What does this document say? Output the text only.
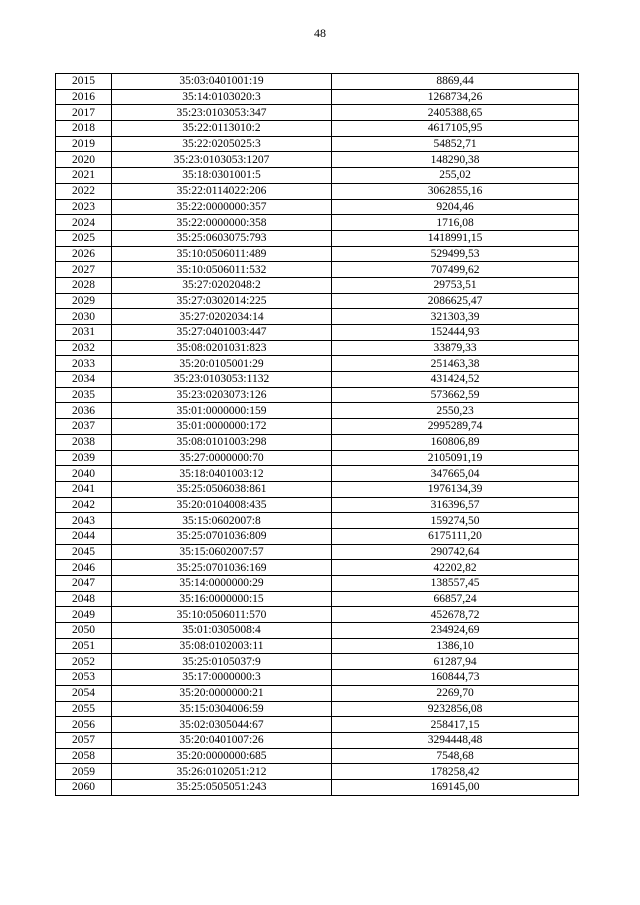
48
2015	35:03:0401001:19	8869,44
2016	35:14:0103020:3	1268734,26
2017	35:23:0103053:347	2405388,65
2018	35:22:0113010:2	4617105,95
2019	35:22:0205025:3	54852,71
2020	35:23:0103053:1207	148290,38
2021	35:18:0301001:5	255,02
2022	35:22:0114022:206	3062855,16
2023	35:22:0000000:357	9204,46
2024	35:22:0000000:358	1716,08
2025	35:25:0603075:793	1418991,15
2026	35:10:0506011:489	529499,53
2027	35:10:0506011:532	707499,62
2028	35:27:0202048:2	29753,51
2029	35:27:0302014:225	2086625,47
2030	35:27:0202034:14	321303,39
2031	35:27:0401003:447	152444,93
2032	35:08:0201031:823	33879,33
2033	35:20:0105001:29	251463,38
2034	35:23:0103053:1132	431424,52
2035	35:23:0203073:126	573662,59
2036	35:01:0000000:159	2550,23
2037	35:01:0000000:172	2995289,74
2038	35:08:0101003:298	160806,89
2039	35:27:0000000:70	2105091,19
2040	35:18:0401003:12	347665,04
2041	35:25:0506038:861	1976134,39
2042	35:20:0104008:435	316396,57
2043	35:15:0602007:8	159274,50
2044	35:25:0701036:809	6175111,20
2045	35:15:0602007:57	290742,64
2046	35:25:0701036:169	42202,82
2047	35:14:0000000:29	138557,45
2048	35:16:0000000:15	66857,24
2049	35:10:0506011:570	452678,72
2050	35:01:0305008:4	234924,69
2051	35:08:0102003:11	1386,10
2052	35:25:0105037:9	61287,94
2053	35:17:0000000:3	160844,73
2054	35:20:0000000:21	2269,70
2055	35:15:0304006:59	9232856,08
2056	35:02:0305044:67	258417,15
2057	35:20:0401007:26	3294448,48
2058	35:20:0000000:685	7548,68
2059	35:26:0102051:212	178258,42
2060	35:25:0505051:243	169145,00
